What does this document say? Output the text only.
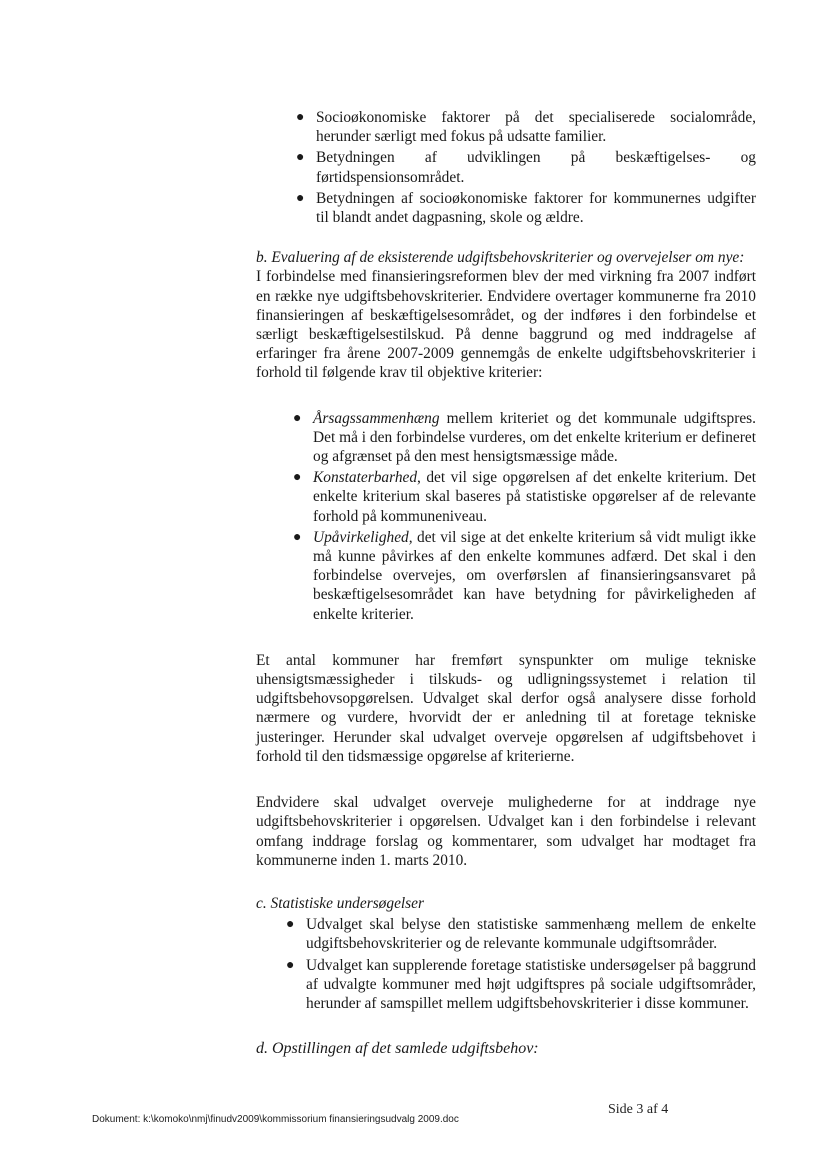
● Socioøkonomiske faktorer på det specialiserede socialområde, herunder særligt med fokus på udsatte familier.
● Betydningen af udviklingen på beskæftigelses- og førtidspensionsområdet.
● Betydningen af socioøkonomiske faktorer for kommunernes udgifter til blandt andet dagpasning, skole og ældre.
b. Evaluering af de eksisterende udgiftsbehovskriterier og overvejelser om nye:
I forbindelse med finansieringsreformen blev der med virkning fra 2007 indført en række nye udgiftsbehovskriterier. Endvidere overtager kommunerne fra 2010 finansieringen af beskæftigelsesområdet, og der indføres i den forbindelse et særligt beskæftigelsestilskud. På denne baggrund og med inddragelse af erfaringer fra årene 2007-2009 gennemgås de enkelte udgiftsbehovskriterier i forhold til følgende krav til objektive kriterier:
● Årsagssammenhæng mellem kriteriet og det kommunale udgiftspres. Det må i den forbindelse vurderes, om det enkelte kriterium er defineret og afgrænset på den mest hensigtsmæssige måde.
● Konstaterbarhed, det vil sige opgørelsen af det enkelte kriterium. Det enkelte kriterium skal baseres på statistiske opgørelser af de relevante forhold på kommuneniveau.
● Upåvirkelighed, det vil sige at det enkelte kriterium så vidt muligt ikke må kunne påvirkes af den enkelte kommunes adfærd. Det skal i den forbindelse overvejes, om overførslen af finansieringsansvaret på beskæftigelsesområdet kan have betydning for påvirkeligheden af enkelte kriterier.
Et antal kommuner har fremført synspunkter om mulige tekniske uhensigtsmæssigheder i tilskuds- og udligningssystemet i relation til udgiftsbehovsopgørelsen. Udvalget skal derfor også analysere disse forhold nærmere og vurdere, hvorvidt der er anledning til at foretage tekniske justeringer. Herunder skal udvalget overveje opgørelsen af udgiftsbehovet i forhold til den tidsmæssige opgørelse af kriterierne.
Endvidere skal udvalget overveje mulighederne for at inddrage nye udgiftsbehovskriterier i opgørelsen. Udvalget kan i den forbindelse i relevant omfang inddrage forslag og kommentarer, som udvalget har modtaget fra kommunerne inden 1. marts 2010.
c. Statistiske undersøgelser
● Udvalget skal belyse den statistiske sammenhæng mellem de enkelte udgiftsbehovskriterier og de relevante kommunale udgiftsområder.
● Udvalget kan supplerende foretage statistiske undersøgelser på baggrund af udvalgte kommuner med højt udgiftspres på sociale udgiftsområder, herunder af samspillet mellem udgiftsbehovskriterier i disse kommuner.
d. Opstillingen af det samlede udgiftsbehov:
Dokument: k:\komoko\nmj\finudv2009\kommissorium finansieringsudvalg 2009.doc
Side 3 af 4
